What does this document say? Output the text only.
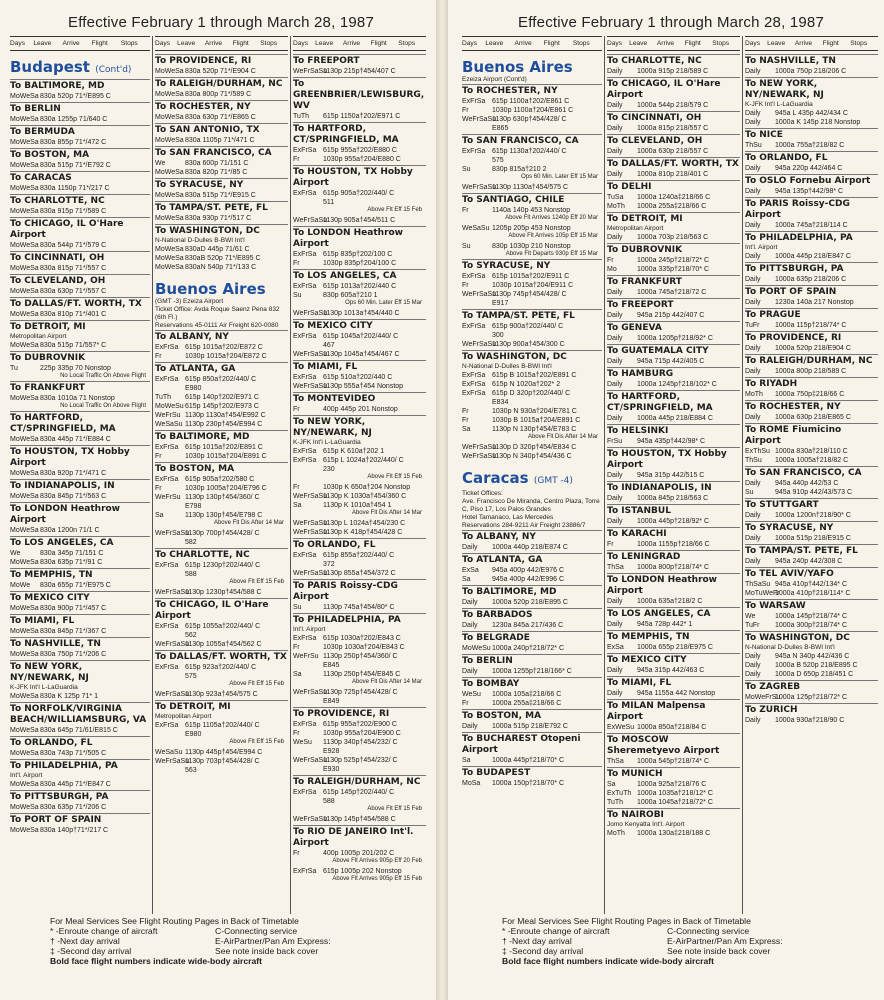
Effective February 1 through March 28, 1987
Days	Leave	Arrive	Flight	Stops
Budapest (Cont'd)
To BALTIMORE, MD
MoWeSa 830a 520p 71*/E895 C
To BERLIN
MoWeSa 830a 1255p 71/640 C
To BERMUDA
MoWeSa 830a 855p 71*/472 C
To BOSTON, MA
MoWeSa 830a 515p 71*/E792 C
To CARACAS
MoWeSa 830a 1150p 71*/217 C
To CHARLOTTE, NC
MoWeSa 830a 915p 71*/589 C
To CHICAGO, IL O'Hare Airport
MoWeSa 830a 544p 71*/579 C
To CINCINNATI, OH
MoWeSa 830a 815p 71*/557 C
To CLEVELAND, OH
MoWeSa 830a 630p 71*/557 C
To DALLAS/FT. WORTH, TX
MoWeSa 830a 810p 71*/401 C
To DETROIT, MI
Metropolitan Airport
MoWeSa 830a 515p 71/557* C
To DUBROVNIK
Tu	225p 335p 70 Nonstop
No Local Traffic On Above Flight
To FRANKFURT
MoWeSa 830a 1010a 71 Nonstop
No Local Traffic On Above Flight
To HARTFORD, CT/SPRINGFIELD, MA
MoWeSa 830a 445p 71*/E884 C
To HOUSTON, TX Hobby Airport
MoWeSa 830a 920p 71*/471 C
To INDIANAPOLIS, IN
MoWeSa 830a 845p 71*/563 C
To LONDON Heathrow Airport
MoWeSa 830a 1200n 71/1 C
To LOS ANGELES, CA
We	830a 345p 71/151 C
MoWeSa 830a 635p 71*/91 C
To MEMPHIS, TN
MoWe	830a 655p 71*/E975 C
To MEXICO CITY
MoWeSa 830a 900p 71*/457 C
To MIAMI, FL
MoWeSa 830a 845p 71*/367 C
To NASHVILLE, TN
MoWeSa 830a 750p 71*/206 C
To NEW YORK, NY/NEWARK, NJ
K-JFK Int'l L-LaGuardia
MoWeSa 830a K 125p 71* 1
To NORFOLK/VIRGINIA BEACH/WILLIAMSBURG, VA
MoWeSa 830a 645p 71/61/E815 C
To ORLANDO, FL
MoWeSa 830a 743p 71*/505 C
To PHILADELPHIA, PA
Int'l. Airport
MoWeSa 830a 445p 71*/E847 C
To PITTSBURGH, PA
MoWeSa 830a 635p 71*/206 C
To PORT OF SPAIN
MoWeSa 830a 140p†71*/217 C
Days	Leave	Arrive	Flight	Stops
To PROVIDENCE, RI
MoWeSa 830a 520p 71*/E904 C
To RALEIGH/DURHAM, NC
MoWeSa 830a 800p 71*/589 C
To ROCHESTER, NY
MoWeSa 830a 630p 71*/E865 C
To SAN ANTONIO, TX
MoWeSa 830a 1105p 71*/471 C
To SAN FRANCISCO, CA
We	830a 600p 71/151 C
MoWeSa 830a 820p 71*/85 C
To SYRACUSE, NY
MoWeSa 830a 515p 71*/E915 C
To TAMPA/ST. PETE, FL
MoWeSa 830a 930p 71*/517 C
To WASHINGTON, DC
N-National D-Dulles B-BWI Int'l
MoWeSa 830aD 445p 71/61 C
MoWeSa 830aB 520p 71*/E895 C
MoWeSa 830aN 540p 71*/133 C
Buenos Aires
(GMT -3) Ezeiza Airport
Ticket Office: Avda Roque Saenz Pena 832 (6th Fl.)
Reservations 45-0111 Air Freight 620-0080
To ALBANY, NY
ExFrSa 615p 1015a†202/E872 C
Fr	1030p 1015a†204/E872 C
To ATLANTA, GA
ExFrSa 615p 850a†202/440/ C
E980
TuTh	615p 140p†202/E971 C
MoWeSu 615p 145p†202/E973 C
WeFrSu 1130p 1130a†454/E992 C
WeSaSu 1130p 230p†454/E994 C
To BALTIMORE, MD
ExFrSa 615p 1015a†202/E891 C
Fr	1030p 1015a†204/E891 C
To BOSTON, MA
ExFrSa 615p 905a†202/580 C
Fr	1030p 1005a†204/E796 C
WeFrSu 1130p 130p†454/360/ C
E798
Sa	1130p 130p†454/E798 C
Above Flt Dis After 14 Mar
WeFrSaSu
1130p 700p†454/428/ C
582
To CHARLOTTE, NC
ExFrSa 615p 1230p†202/440/ C
588
Above Flt Eff 15 Feb
WeFrSaSu
1130p 1230p†454/588 C
To CHICAGO, IL O'Hare Airport
ExFrSa 615p 1055a†202/440/ C
562
WeFrSaSu
1130p 1055a†454/562 C
To DALLAS/FT. WORTH, TX
ExFrSa 615p 923a†202/440/ C
575
Above Flt Eff 15 Feb
WeFrSaSu
1130p 923a†454/575 C
To DETROIT, MI
Metropolitan Airport
ExFrSa 615p 1105a†202/440/ C
E980
Above Flt Eff 15 Feb
WeSaSu 1130p 445p†454/E994 C
WeFrSaSu
1130p 703p†454/428/ C
563
Days	Leave	Arrive	Flight	Stops
To FREEPORT
WeFrSaSu
1130p 215p†454/407 C
To GREENBRIER/LEWISBURG, WV
TuTh	615p 1150a†202/E971 C
To HARTFORD, CT/SPRINGFIELD, MA
ExFrSa 615p 955a†202/E880 C
Fr	1030p 955a†204/E880 C
To HOUSTON, TX Hobby Airport
ExFrSa 615p 905a†202/440/ C
511
Above Flt Eff 15 Feb
WeFrSaSu
1130p 905a†454/511 C
To LONDON Heathrow Airport
ExFrSa 615p 835p†202/100 C
Fr	1030p 835p†204/100 C
To LOS ANGELES, CA
ExFrSa 615p 1013a†202/440 C
Su	830p 605a†210 1
Ops 60 Min. Later Eff 15 Mar
WeFrSaSu
1130p 1013a†454/440 C
To MEXICO CITY
ExFrSa 615p 1045a†202/440/ C
467
WeFrSaSu
1130p 1045a†454/467 C
To MIAMI, FL
ExFrSa 615p 510a†202/440 C
WeFrSaSu
1130p 555a†454 Nonstop
To MONTEVIDEO
Fr	400p 445p 201 Nonstop
To NEW YORK, NY/NEWARK, NJ
K-JFK Int'l L-LaGuardia
ExFrSa 615p K 610a†202 1
ExFrSa 615p L 1024a†202/440/ C
230
Above Flt Eff 15 Feb
Fr	1030p K 650a†204 Nonstop
WeFrSaSu
1130p K 1030a†454/360 C
Sa	1130p K 1010a†454 1
Above Flt Dis After 14 Mar
WeFrSaSu
1130p L 1024a†454/230 C
WeFrSaSu
1130p K 418p†454/428 C
To ORLANDO, FL
ExFrSa 615p 855a†202/440/ C
372
WeFrSaSu
1130p 855a†454/372 C
To PARIS Roissy-CDG Airport
Su	1130p 745a†454/80* C
To PHILADELPHIA, PA
Int'l. Airport
ExFrSa 615p 1030a†202/E843 C
Fr	1030p 1030a†204/E843 C
WeFrSu 1130p 250p†454/360/ C
E845
Sa	1130p 250p†454/E845 C
Above Flt Dis After 14 Mar
WeFrSaSu
1130p 725p†454/428/ C
E849
To PROVIDENCE, RI
ExFrSa 615p 955a†202/E900 C
Fr	1030p 955a†204/E900 C
WeSu	1130p 340p†454/232/ C
E928
WeFrSaSu
1130p 525p†454/232/ C
E930
To RALEIGH/DURHAM, NC
ExFrSa 615p 145p†202/440/ C
588
Above Flt Eff 15 Feb
WeFrSaSu
1130p 145p†454/588 C
To RIO DE JANEIRO Int'l. Airport
Fr	400p 1005p 201/202 C
Above Flt Arrives 905p Eff 20 Feb
ExFrSa 615p 1005p 202 Nonstop
Above Flt Arrives 905p Eff 15 Feb
For Meal Services See Flight Routing Pages in Back of Timetable
* -Enroute change of aircraft	C-Connecting service
† -Next day arrival	E-AirPartner/Pan Am Express:
‡ -Second day arrival	See note inside back cover
Bold face flight numbers indicate wide-body aircraft
Effective February 1 through March 28, 1987
Days	Leave	Arrive	Flight	Stops
Buenos Aires
Ezeiza Airport (Cont'd)
To ROCHESTER, NY
ExFrSa 615p 1100a†202/E861 C
Fr	1030p 1100a†204/E861 C
WeFrSaSu
1130p 630p†454/428/ C
E865
To SAN FRANCISCO, CA
ExFrSa 615p 1130a†202/440/ C
575
Su	830p 815a†210 2
Ops 60 Min. Later Eff 15 Mar
WeFrSaSu
1130p 1130a†454/575 C
To SANTIAGO, CHILE
Fr	1140a 140p 453 Nonstop
Above Flt Arrives 1240p Eff 20 Mar
WeSaSu 1205p 205p 453 Nonstop
Above Flt Arrives 105p Eff 15 Mar
Su	830p 1030p 210 Nonstop
Above Flt Departs 930p Eff 15 Mar
To SYRACUSE, NY
ExFrSa 615p 1015a†202/E911 C
Fr	1030p 1015a†204/E911 C
WeFrSaSu
1130p 745p†454/428/ C
E917
To TAMPA/ST. PETE, FL
ExFrSa 615p 900a†202/440/ C
300
WeFrSaSu
1130p 900a†454/300 C
To WASHINGTON, DC
N-National D-Dulles B-BWI Int'l
ExFrSa 615p B 1015a†202/E891 C
ExFrSa 615p N 1020a†202* 2
ExFrSa 615p D 320p†202/440/ C
E834
Fr	1030p N 930a†204/E781 C
Fr	1030p B 1015a†204/E891 C
Sa	1130p N 130p†454/E783 C
Above Flt Dis After 14 Mar
WeFrSaSu
1130p D 320p†454/E834 C
WeFrSaSu
1130p N 340p†454/436 C
Caracas (GMT -4)
Ticket Offices:
Ave. Francisco De Miranda, Centro Plaza, Torre C, Piso 17, Los Palos Grandes
Hotel Tamanaco, Las Mercedes
Reservations 284-9211 Air Freight 23886/7
To ALBANY, NY
Daily	1000a 440p 218/E874 C
To ATLANTA, GA
ExSa	945a 400p 442/E976 C
Sa	945a 400p 442/E996 C
To BALTIMORE, MD
Daily	1000a 520p 218/E895 C
To BARBADOS
Daily	1230a 845a 217/436 C
To BELGRADE
MoWeSu 1000a 240p†218/72* C
To BERLIN
Daily	1000a 1255p†218/166* C
To BOMBAY
WeSu	1000a 105a‡218/66 C
Fr	1000a 255a‡218/66 C
To BOSTON, MA
Daily	1000a 515p 218/E792 C
To BUCHAREST Otopeni Airport
Sa	1000a 445p†218/70* C
To BUDAPEST
MoSa	1000a 150p†218/70* C
Days	Leave	Arrive	Flight	Stops
To CHARLOTTE, NC
Daily	1000a 915p 218/589 C
To CHICAGO, IL O'Hare Airport
Daily	1000a 544p 218/579 C
To CINCINNATI, OH
Daily	1000a 815p 218/557 C
To CLEVELAND, OH
Daily	1000a 630p 218/557 C
To DALLAS/FT. WORTH, TX
Daily	1000a 810p 218/401 C
To DELHI
TuSa	1000a 1240a‡218/66 C
MoTh	1000a 255a‡218/66 C
To DETROIT, MI
Metropolitan Airport
Daily	1000a 703p 218/563 C
To DUBROVNIK
Fr	1000a 245p†218/72* C
Mo	1000a 335p†218/70* C
To FRANKFURT
Daily	1000a 745a†218/72 C
To FREEPORT
Daily	945a 215p 442/407 C
To GENEVA
Daily	1000a 1205p†218/92* C
To GUATEMALA CITY
Daily	945a 715p 442/405 C
To HAMBURG
Daily	1000a 1245p†218/102* C
To HARTFORD, CT/SPRINGFIELD, MA
Daily	1000a 445p 218/E884 C
To HELSINKI
FrSu	945a 435p†442/98* C
To HOUSTON, TX Hobby Airport
Daily	945a 315p 442/515 C
To INDIANAPOLIS, IN
Daily	1000a 845p 218/563 C
To ISTANBUL
Daily	1000a 445p†218/92* C
To KARACHI
Fr	1000a 1155p†218/66 C
To LENINGRAD
ThSa	1000a 800p†218/74* C
To LONDON Heathrow Airport
Daily	1000a 635a†218/2 C
To LOS ANGELES, CA
Daily	945a 728p 442* 1
To MEMPHIS, TN
ExSa	1000a 655p 218/E975 C
To MEXICO CITY
Daily	945a 315p 442/463 C
To MIAMI, FL
Daily	945a 1155a 442 Nonstop
To MILAN Malpensa Airport
ExWeSu 1000a 850a†218/84 C
To MOSCOW Sheremetyevo Airport
ThSa	1000a 545p†218/74* C
To MUNICH
Sa	1000a 925a†218/76 C
ExTuTh 1000a 1035a†218/12* C
TuTh	1000a 1045a†218/72* C
To NAIROBI
Jomo Kenyatta Int'l. Airport
MoTh	1000a 130a‡218/188 C
Days	Leave	Arrive	Flight	Stops
To NASHVILLE, TN
Daily	1000a 750p 218/206 C
To NEW YORK, NY/NEWARK, NJ
K-JFK Int'l L-LaGuardia
Daily	945a L 435p 442/434 C
Daily	1000a K 145p 218 Nonstop
To NICE
ThSu	1000a 755a†218/82 C
To ORLANDO, FL
Daily	945a 220p 442/464 C
To OSLO Fornebu Airport
Daily	945a 135p†442/98* C
To PARIS Roissy-CDG Airport
Daily	1000a 745a†218/114 C
To PHILADELPHIA, PA
Int'l. Airport
Daily	1000a 445p 218/E847 C
To PITTSBURGH, PA
Daily	1000a 635p 218/206 C
To PORT OF SPAIN
Daily	1230a 140a 217 Nonstop
To PRAGUE
TuFr	1000a 115p†218/74* C
To PROVIDENCE, RI
Daily	1000a 520p 218/E904 C
To RALEIGH/DURHAM, NC
Daily	1000a 800p 218/589 C
To RIYADH
MoTh	1000a 750p‡218/66 C
To ROCHESTER, NY
Daily	1000a 630p 218/E865 C
To ROME Fiumicino Airport
ExThSu 1000a 830a†218/110 C
ThSu	1000a 1005a†218/82 C
To SAN FRANCISCO, CA
Daily	945a 440p 442/53 C
Su	945a 910p 442/43/573 C
To STUTTGART
Daily	1000a 1200n†218/90* C
To SYRACUSE, NY
Daily	1000a 515p 218/E915 C
To TAMPA/ST. PETE, FL
Daily	945a 240p 442/308 C
To TEL AVIV/YAFO
ThSaSu 945a 410p†442/134* C
MoTuWeFr
1000a 410p†218/114* C
To WARSAW
We	1000a 145p†218/74* C
TuFr	1000a 300p†218/74* C
To WASHINGTON, DC
N-National D-Dulles B-BWI Int'l
Daily	945a N 340p 442/436 C
Daily	1000a B 520p 218/E895 C
Daily	1000a D 650p 218/451 C
To ZAGREB
MoWeFrSu
1000a 125p†218/72* C
To ZURICH
Daily	1000a 930a†218/90 C
For Meal Services See Flight Routing Pages in Back of Timetable
* -Enroute change of aircraft	C-Connecting service
† -Next day arrival	E-AirPartner/Pan Am Express:
‡ -Second day arrival	See note inside back cover
Bold face flight numbers indicate wide-body aircraft
